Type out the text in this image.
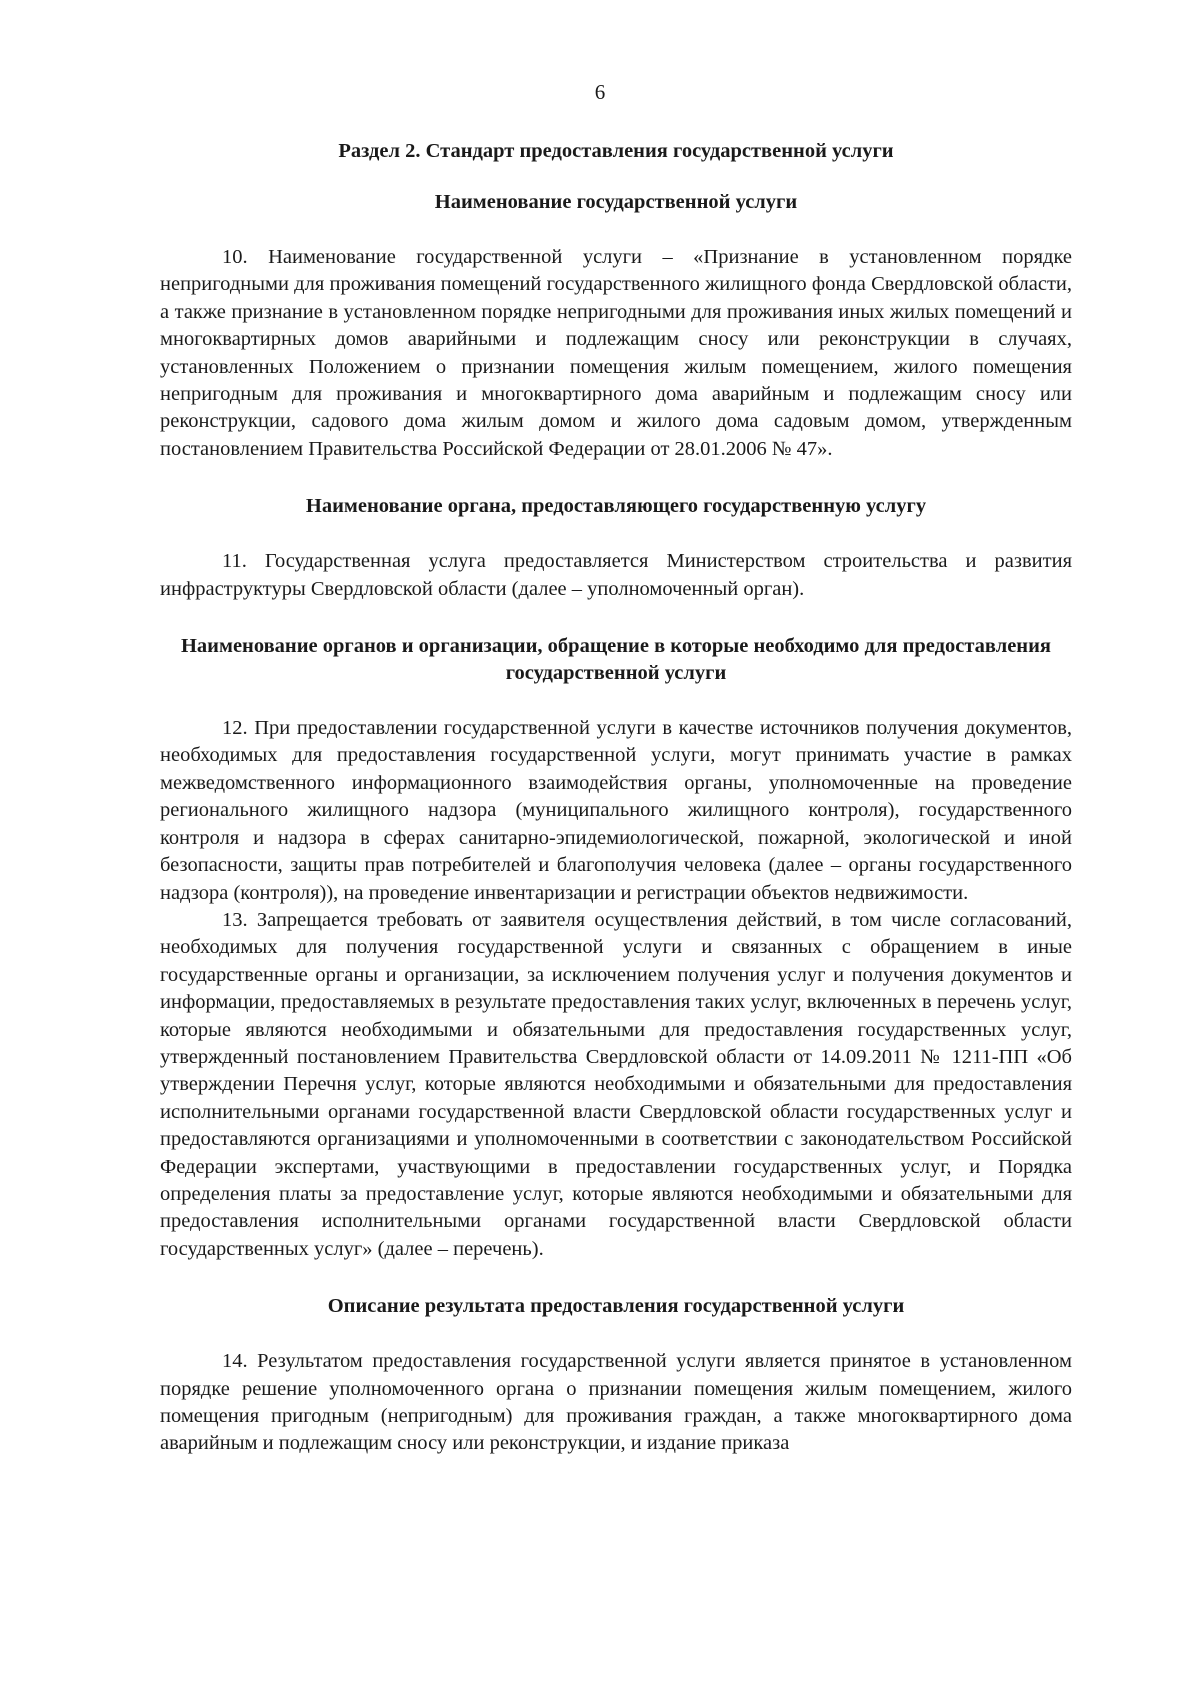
6
Раздел 2. Стандарт предоставления государственной услуги
Наименование государственной услуги

10. Наименование государственной услуги – «Признание в установленном порядке непригодными для проживания помещений государственного жилищного фонда Свердловской области, а также признание в установленном порядке непригодными для проживания иных жилых помещений и многоквартирных домов аварийными и подлежащим сносу или реконструкции в случаях, установленных Положением о признании помещения жилым помещением, жилого помещения непригодным для проживания и многоквартирного дома аварийным и подлежащим сносу или реконструкции, садового дома жилым домом и жилого дома садовым домом, утвержденным постановлением Правительства Российской Федерации от 28.01.2006 № 47».

Наименование органа, предоставляющего государственную услугу

11. Государственная услуга предоставляется Министерством строительства и развития инфраструктуры Свердловской области (далее – уполномоченный орган).

Наименование органов и организации, обращение в которые необходимо для предоставления государственной услуги

12. При предоставлении государственной услуги в качестве источников получения документов, необходимых для предоставления государственной услуги, могут принимать участие в рамках межведомственного информационного взаимодействия органы, уполномоченные на проведение регионального жилищного надзора (муниципального жилищного контроля), государственного контроля и надзора в сферах санитарно-эпидемиологической, пожарной, экологической и иной безопасности, защиты прав потребителей и благополучия человека (далее – органы государственного надзора (контроля)), на проведение инвентаризации и регистрации объектов недвижимости.

13. Запрещается требовать от заявителя осуществления действий, в том числе согласований, необходимых для получения государственной услуги и связанных с обращением в иные государственные органы и организации, за исключением получения услуг и получения документов и информации, предоставляемых в результате предоставления таких услуг, включенных в перечень услуг, которые являются необходимыми и обязательными для предоставления государственных услуг, утвержденный постановлением Правительства Свердловской области от 14.09.2011 № 1211-ПП «Об утверждении Перечня услуг, которые являются необходимыми и обязательными для предоставления исполнительными органами государственной власти Свердловской области государственных услуг и предоставляются организациями и уполномоченными в соответствии с законодательством Российской Федерации экспертами, участвующими в предоставлении государственных услуг, и Порядка определения платы за предоставление услуг, которые являются необходимыми и обязательными для предоставления исполнительными органами государственной власти Свердловской области государственных услуг» (далее – перечень).

Описание результата предоставления государственной услуги

14. Результатом предоставления государственной услуги является принятое в установленном порядке решение уполномоченного органа о признании помещения жилым помещением, жилого помещения пригодным (непригодным) для проживания граждан, а также многоквартирного дома аварийным и подлежащим сносу или реконструкции, и издание приказа
